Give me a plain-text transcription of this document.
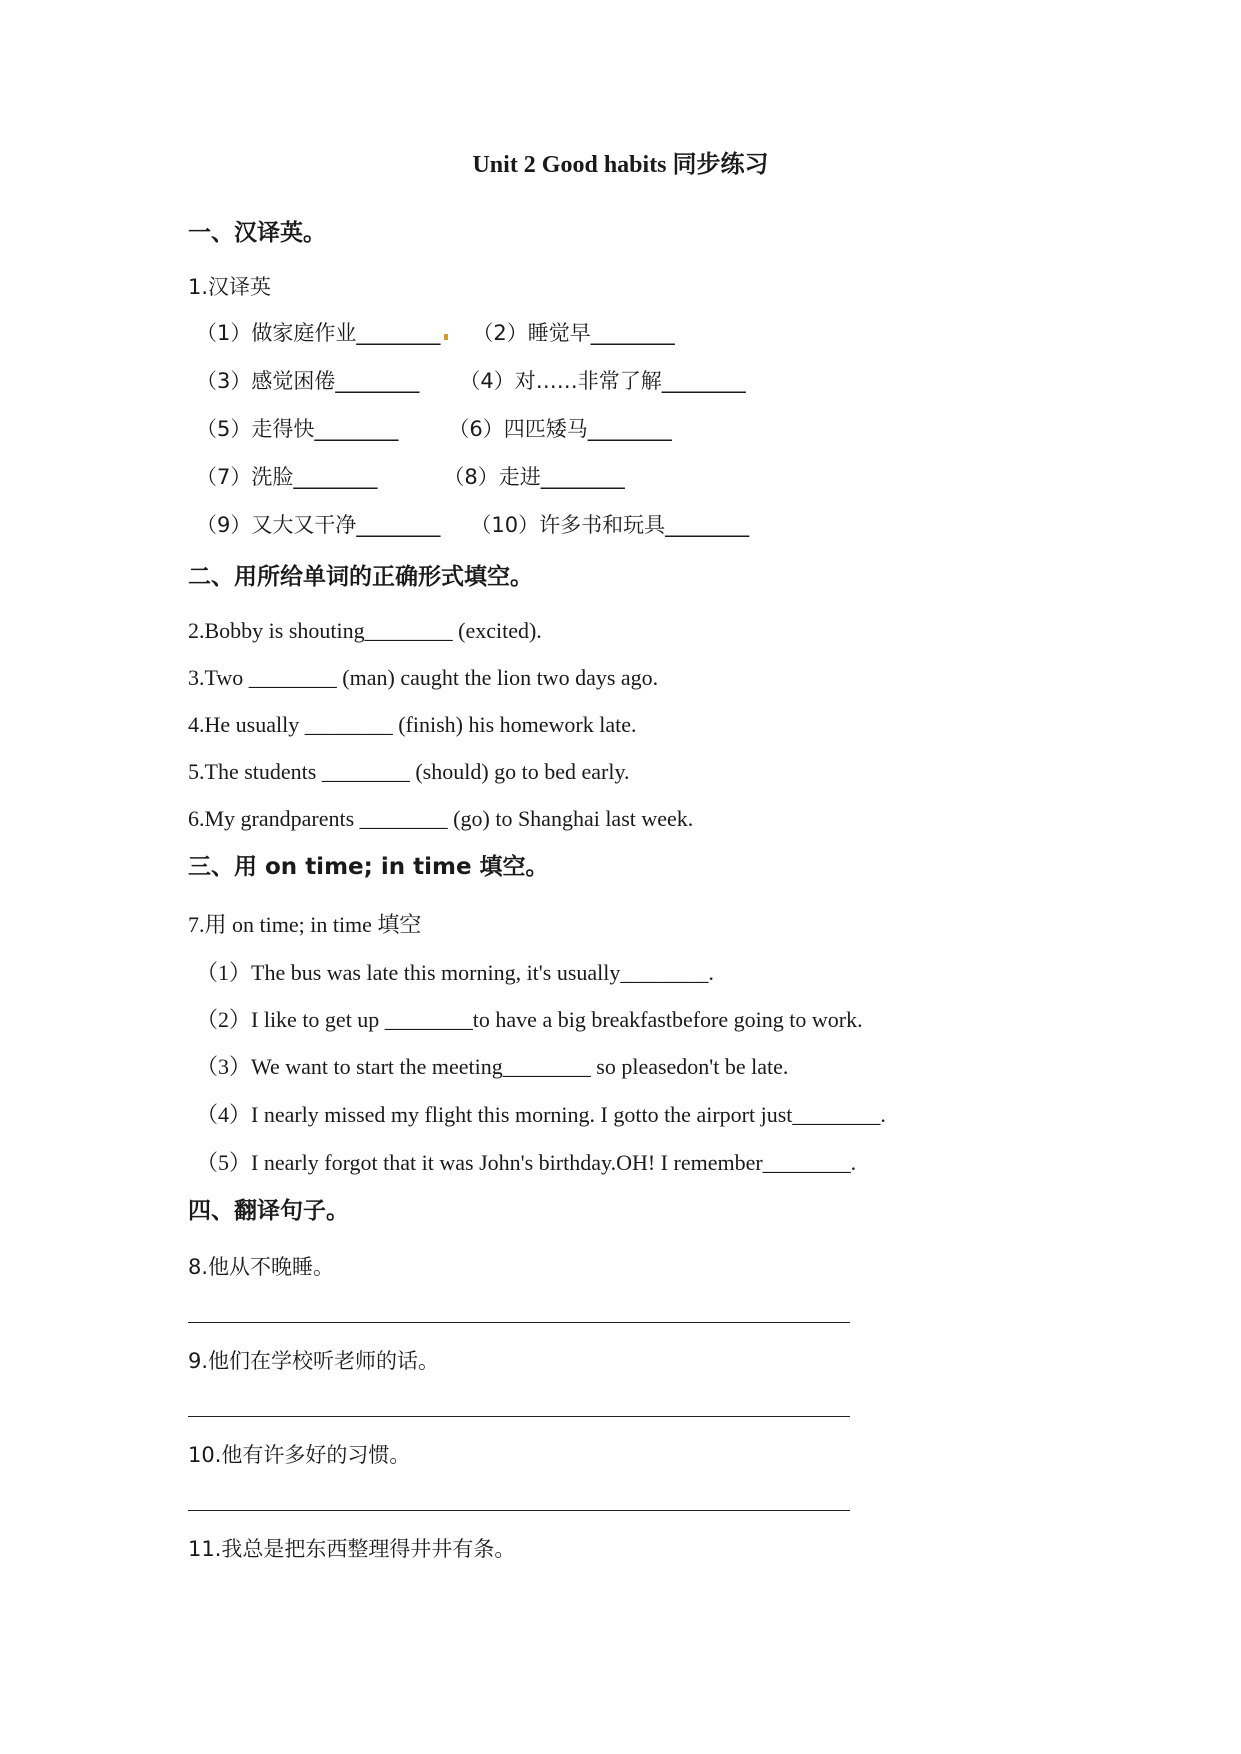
Unit 2 Good habits 同步练习
一、汉译英。
1.汉译英
（1）做家庭作业________ （2）睡觉早________
（3）感觉困倦________ （4）对……非常了解________
（5）走得快________ （6）四匹矮马________
（7）洗脸________	（8）走进________
（9）又大又干净________ （10）许多书和玩具________
二、用所给单词的正确形式填空。
2.Bobby is shouting________ (excited).
3.Two ________ (man) caught the lion two days ago.
4.He usually ________ (finish) his homework late.
5.The students ________ (should) go to bed early.
6.My grandparents ________ (go) to Shanghai last week.
三、用 on time; in time 填空。
7.用 on time; in time 填空
（1）The bus was late this morning, it's usually________.
（2）I like to get up ________to have a big breakfastbefore going to work.
（3）We want to start the meeting________ so pleasedon't be late.
（4）I nearly missed my flight this morning. I gotto the airport just________.
（5）I nearly forgot that it was John's birthday.OH! I remember________.
四、翻译句子。
8.他从不晚睡。
9.他们在学校听老师的话。
10.他有许多好的习惯。
11.我总是把东西整理得井井有条。
